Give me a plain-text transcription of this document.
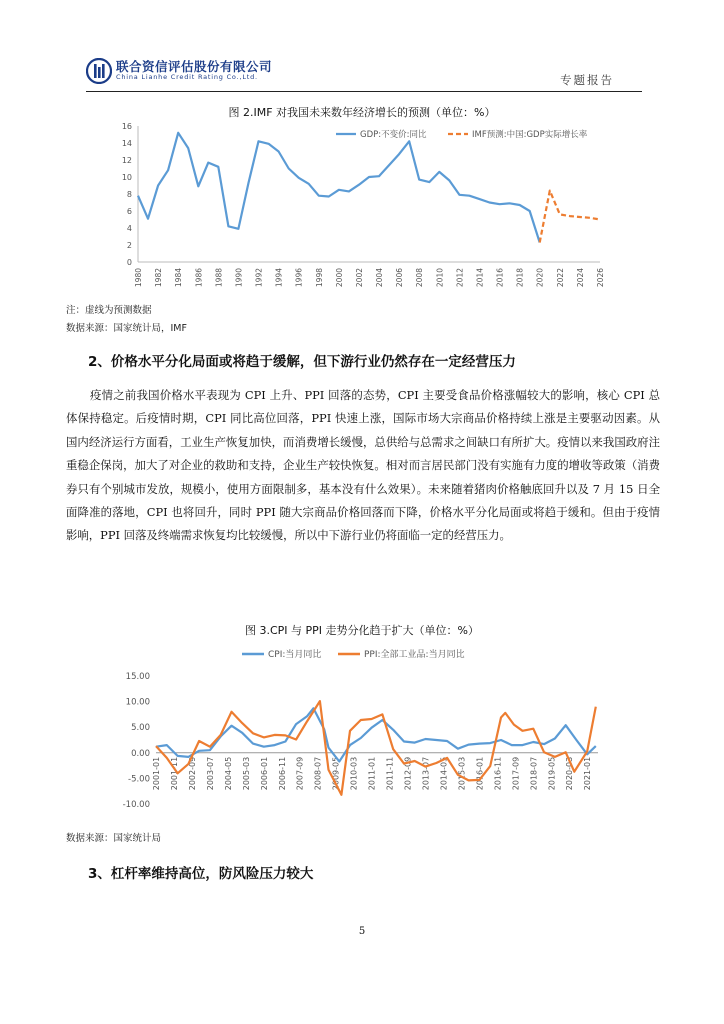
联合资信评估股份有限公司
China Lianhe Credit Rating Co.,Ltd.	专题报告
图 2.IMF 对我国未来数年经济增长的预测（单位：%）
0
2
4
6
8
10
12
14
16
1980 1982 1984 1986 1988 1990 1992 1994 1996 1998 2000 2002 2004 2006 2008 2010 2012 2014 2016 2018 2020 2022 2024 2026
GDP:不变价:同比	IMF预测:中国:GDP实际增长率
注：虚线为预测数据
数据来源：国家统计局，IMF
2、价格水平分化局面或将趋于缓解，但下游行业仍然存在一定经营压力
疫情之前我国价格水平表现为 CPI 上升、PPI 回落的态势，CPI 主要受食品价格涨幅较大的影响，核心 CPI 总体保持稳定。后疫情时期，CPI 同比高位回落，PPI 快速上涨，国际市场大宗商品价格持续上涨是主要驱动因素。从国内经济运行方面看，工业生产恢复加快，而消费增长缓慢，总供给与总需求之间缺口有所扩大。疫情以来我国政府注重稳企保岗，加大了对企业的救助和支持，企业生产较快恢复。相对而言居民部门没有实施有力度的增收等政策（消费券只有个别城市发放，规模小，使用方面限制多，基本没有什么效果）。未来随着猪肉价格触底回升以及 7 月 15 日全面降准的落地，CPI 也将回升，同时 PPI 随大宗商品价格回落而下降，价格水平分化局面或将趋于缓和。但由于疫情影响，PPI 回落及终端需求恢复均比较缓慢，所以中下游行业仍将面临一定的经营压力。
图 3.CPI 与 PPI 走势分化趋于扩大（单位：%）
15.00
10.00
5.00
0.00
-5.00
-10.00
2001-01 2001-11 2002-09 2003-07 2004-05 2005-03 2006-01 2006-11 2007-09 2008-07 2009-05 2010-03 2011-01 2011-11 2012-09 2013-07 2014-05 2015-03 2016-01 2016-11 2017-09 2018-07 2019-05 2020-03 2021-01
CPI:当月同比	PPI:全部工业品:当月同比
数据来源：国家统计局
3、杠杆率维持高位，防风险压力较大
5
